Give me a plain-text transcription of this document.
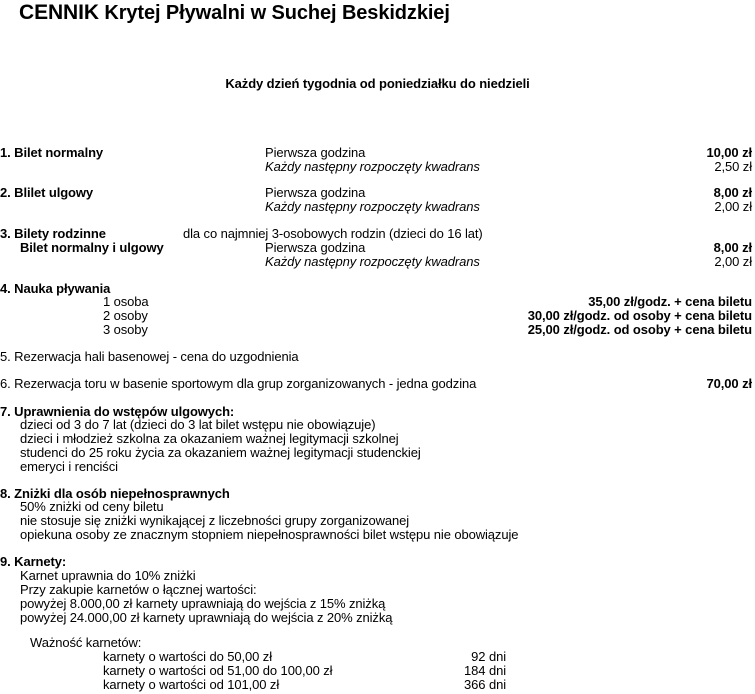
CENNIK Krytej Pływalni w Suchej Beskidzkiej
Każdy dzień tygodnia od poniedziałku do niedzieli
1. Bilet normalny	Pierwsza godzina	10,00 zł
Każdy następny rozpoczęty kwadrans	2,50 zł
2. Blilet ulgowy	Pierwsza godzina	8,00 zł
Każdy następny rozpoczęty kwadrans	2,00 zł
3. Bilety rodzinne	dla co najmniej 3-osobowych rodzin (dzieci do 16 lat)
Bilet normalny i ulgowy	Pierwsza godzina	8,00 zł
Każdy następny rozpoczęty kwadrans	2,00 zł
4. Nauka pływania
1 osoba	35,00 zł/godz. + cena biletu
2 osoby	30,00 zł/godz. od osoby + cena biletu
3 osoby	25,00 zł/godz. od osoby + cena biletu
5. Rezerwacja hali basenowej - cena do uzgodnienia
6. Rezerwacja toru w basenie sportowym dla grup zorganizowanych - jedna godzina	70,00 zł
7. Uprawnienia do wstępów ulgowych:
dzieci od 3 do 7 lat (dzieci do 3 lat bilet wstępu nie obowiązuje)
dzieci i młodzież szkolna za okazaniem ważnej legitymacji szkolnej
studenci do 25 roku życia za okazaniem ważnej legitymacji studenckiej
emeryci i renciści
8. Zniżki dla osób niepełnosprawnych
50% zniżki od ceny biletu
nie stosuje się zniżki wynikającej z liczebności grupy zorganizowanej
opiekuna osoby ze znacznym stopniem niepełnosprawności bilet wstępu nie obowiązuje
9. Karnety:
Karnet uprawnia do 10% zniżki
Przy zakupie karnetów o łącznej wartości:
powyżej 8.000,00 zł karnety uprawniają do wejścia z 15% zniżką
powyżej 24.000,00 zł karnety uprawniają do wejścia z 20% zniżką
Ważność karnetów:
karnety o wartości do 50,00 zł	92 dni
karnety o wartości od 51,00 do 100,00 zł	184 dni
karnety o wartości od 101,00 zł	366 dni
